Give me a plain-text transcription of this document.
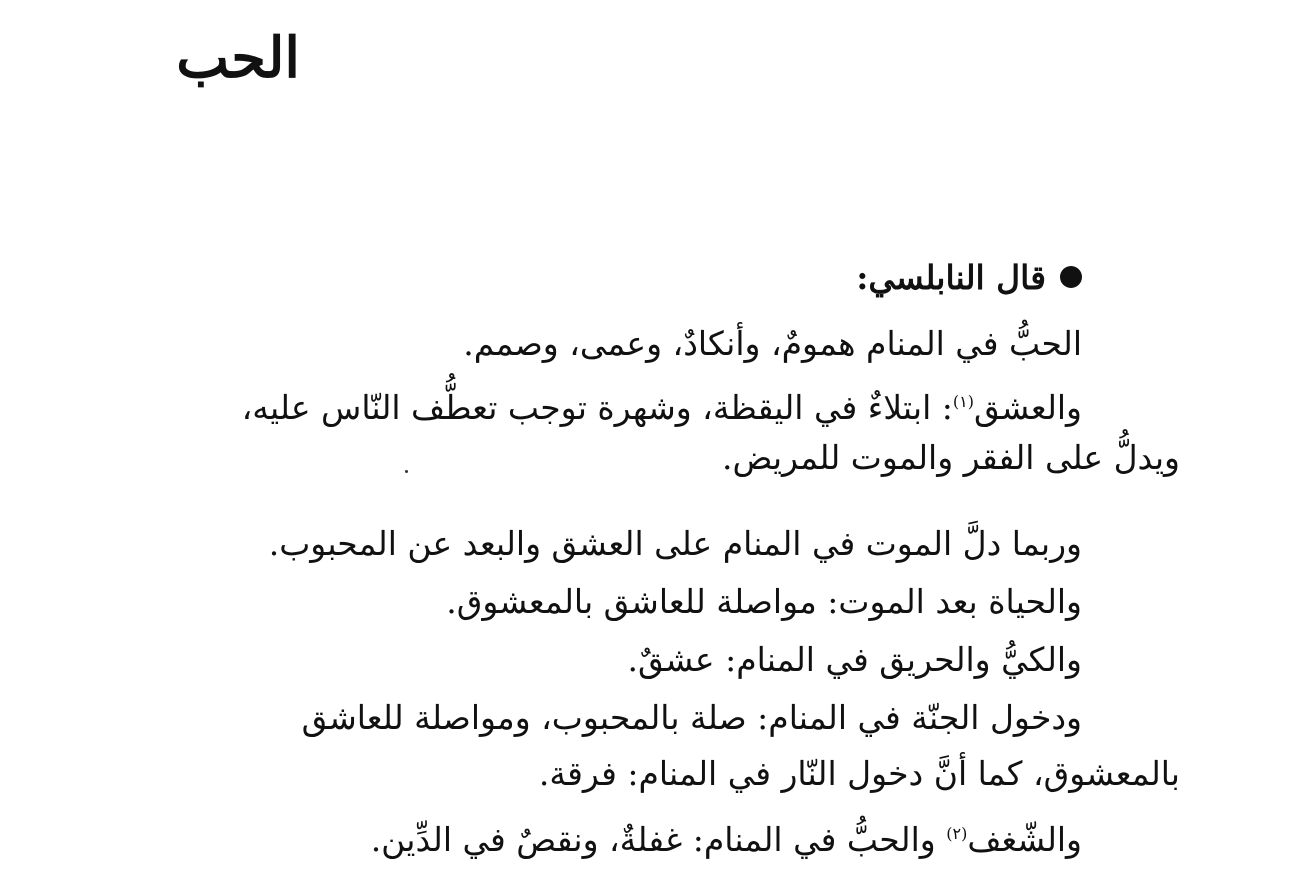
الحب
قال النابلسي:
الحبُّ في المنام همومٌ، وأنكادٌ، وعمى، وصمم.
والعشق$^{(١)}$: ابتلاءٌ في اليقظة، وشهرة توجب تعطُّف النّاس عليه،
ويدلُّ على الفقر والموت للمريض.
وربما دلَّ الموت في المنام على العشق والبعد عن المحبوب.
والحياة بعد الموت: مواصلة للعاشق بالمعشوق.
والكيُّ والحريق في المنام: عشقٌ.
ودخول الجنّة في المنام: صلة بالمحبوب، ومواصلة للعاشق
بالمعشوق، كما أنَّ دخول النّار في المنام: فرقة.
والشّغف$^{(٢)}$ والحبُّ في المنام: غفلةٌ، ونقصٌ في الدِّين.
